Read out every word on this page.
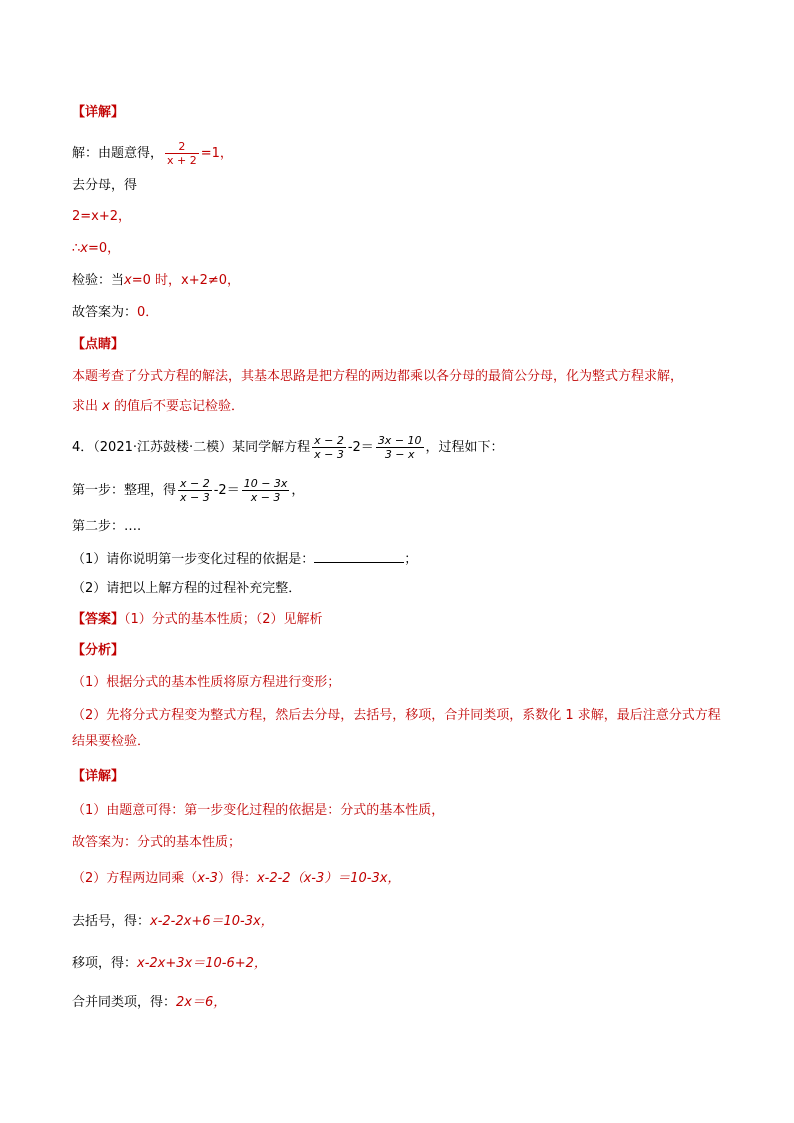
【详解】
解：由题意得， $\frac{2}{x + 2} =1$，
去分母，得
2=x+2，
∴x=0，
检验：当x=0 时，x+2≠0，
故答案为：0．
【点睛】
本题考查了分式方程的解法，其基本思路是把方程的两边都乘以各分母的最简公分母，化为整式方程求解，
求出 x 的值后不要忘记检验．
4．（2021·江苏鼓楼·二模）某同学解方程 $\frac{x - 2}{x - 3} -2= \frac{3x - 10}{3 - x}$ ，过程如下：
第一步：整理，得 $\frac{x - 2}{x - 3} -2= \frac{10 - 3x}{x - 3}$ ，
第二步：….
（1）请你说明第一步变化过程的依据是：	；
（2）请把以上解方程的过程补充完整．
【答案】（1）分式的基本性质；（2）见解析
【分析】
（1）根据分式的基本性质将原方程进行变形；
（2）先将分式方程变为整式方程，然后去分母，去括号，移项，合并同类项，系数化 1 求解，最后注意分式方程结果要检验．
【详解】
（1）由题意可得：第一步变化过程的依据是：分式的基本性质，
故答案为：分式的基本性质；
（2）方程两边同乘（x-3）得：x-2-2（x-3）＝10-3x，
去括号，得：x-2-2x+6＝10-3x，
移项，得：x-2x+3x＝10-6+2，
合并同类项，得：2x＝6，
